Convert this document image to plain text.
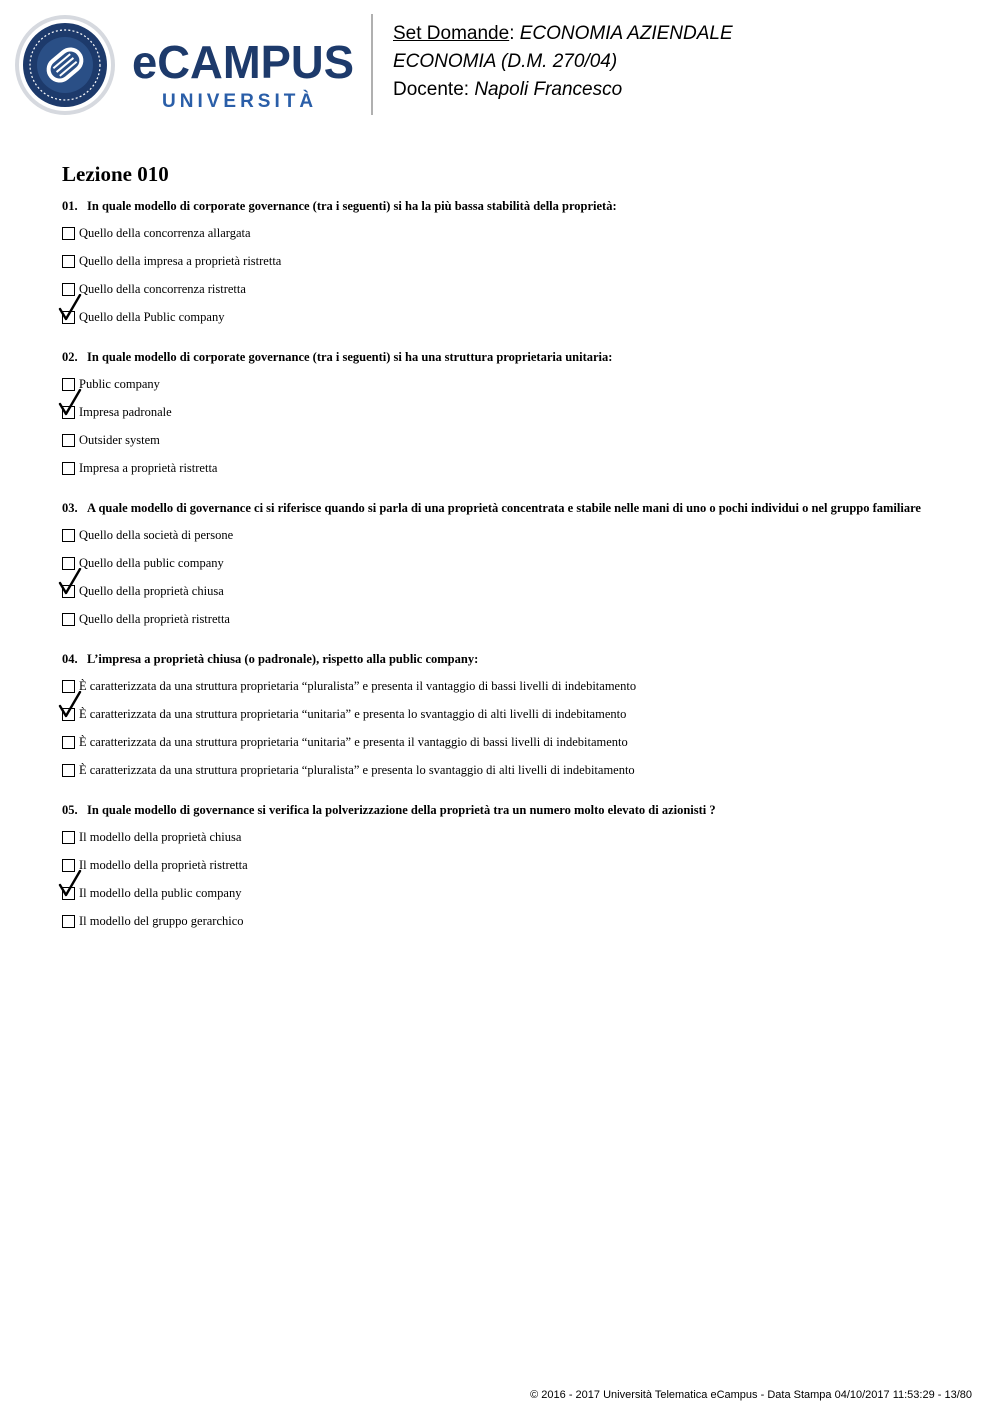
eCAMPUS
UNIVERSITÀ
Set Domande: ECONOMIA AZIENDALE
ECONOMIA (D.M. 270/04)
Docente: Napoli Francesco
Lezione 010
01. In quale modello di corporate governance (tra i seguenti) si ha la più bassa stabilità della proprietà:
Quello della concorrenza allargata
Quello della impresa a proprietà ristretta
Quello della concorrenza ristretta
Quello della Public company
02. In quale modello di corporate governance (tra i seguenti) si ha una struttura proprietaria unitaria:
Public company
Impresa padronale
Outsider system
Impresa a proprietà ristretta
03. A quale modello di governance ci si riferisce quando si parla di una proprietà concentrata e stabile nelle mani di uno o pochi individui o nel gruppo familiare
Quello della società di persone
Quello della public company
Quello della proprietà chiusa
Quello della proprietà ristretta
04. L’impresa a proprietà chiusa (o padronale), rispetto alla public company:
È caratterizzata da una struttura proprietaria “pluralista” e presenta il vantaggio di bassi livelli di indebitamento
È caratterizzata da una struttura proprietaria “unitaria” e presenta lo svantaggio di alti livelli di indebitamento
È caratterizzata da una struttura proprietaria “unitaria” e presenta il vantaggio di bassi livelli di indebitamento
È caratterizzata da una struttura proprietaria “pluralista” e presenta lo svantaggio di alti livelli di indebitamento
05. In quale modello di governance si verifica la polverizzazione della proprietà tra un numero molto elevato di azionisti ?
Il modello della proprietà chiusa
Il modello della proprietà ristretta
Il modello della public company
Il modello del gruppo gerarchico
© 2016 - 2017 Università Telematica eCampus - Data Stampa 04/10/2017 11:53:29 - 13/80
